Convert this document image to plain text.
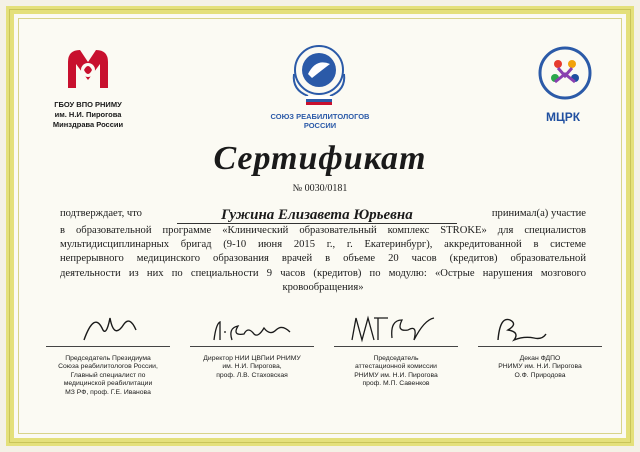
ГБОУ ВПО РНИМУ
им. Н.И. Пирогова
Минздрава России
СОЮЗ РЕАБИЛИТОЛОГОВ
РОССИИ
МЦРК
Сертификат
№ 0030/0181
подтверждает, что	Гужина Елизавета Юрьевна	принимал(а) участие
в образовательной программе «Клинический образовательный комплекс STROKE» для специалистов
мультидисциплинарных бригад (9-10 июня 2015 г., г. Екатеринбург), аккредитованной в системе
непрерывного медицинского образования врачей в объеме 20 часов (кредитов) образовательной
деятельности из них по специальности 9 часов (кредитов) по модулю: «Острые нарушения мозгового
кровообращения»
Председатель Президиума
Союза реабилитологов России,
Главный специалист по
медицинской реабилитации
МЗ РФ, проф. Г.Е. Иванова
Директор НИИ ЦВПиИ РНИМУ
им. Н.И. Пирогова,
проф. Л.В. Стаховская
Председатель
аттестационной комиссии
РНИМУ им. Н.И. Пирогова
проф. М.П. Савенков
Декан ФДПО
РНИМУ им. Н.И. Пирогова
О.Ф. Природова
